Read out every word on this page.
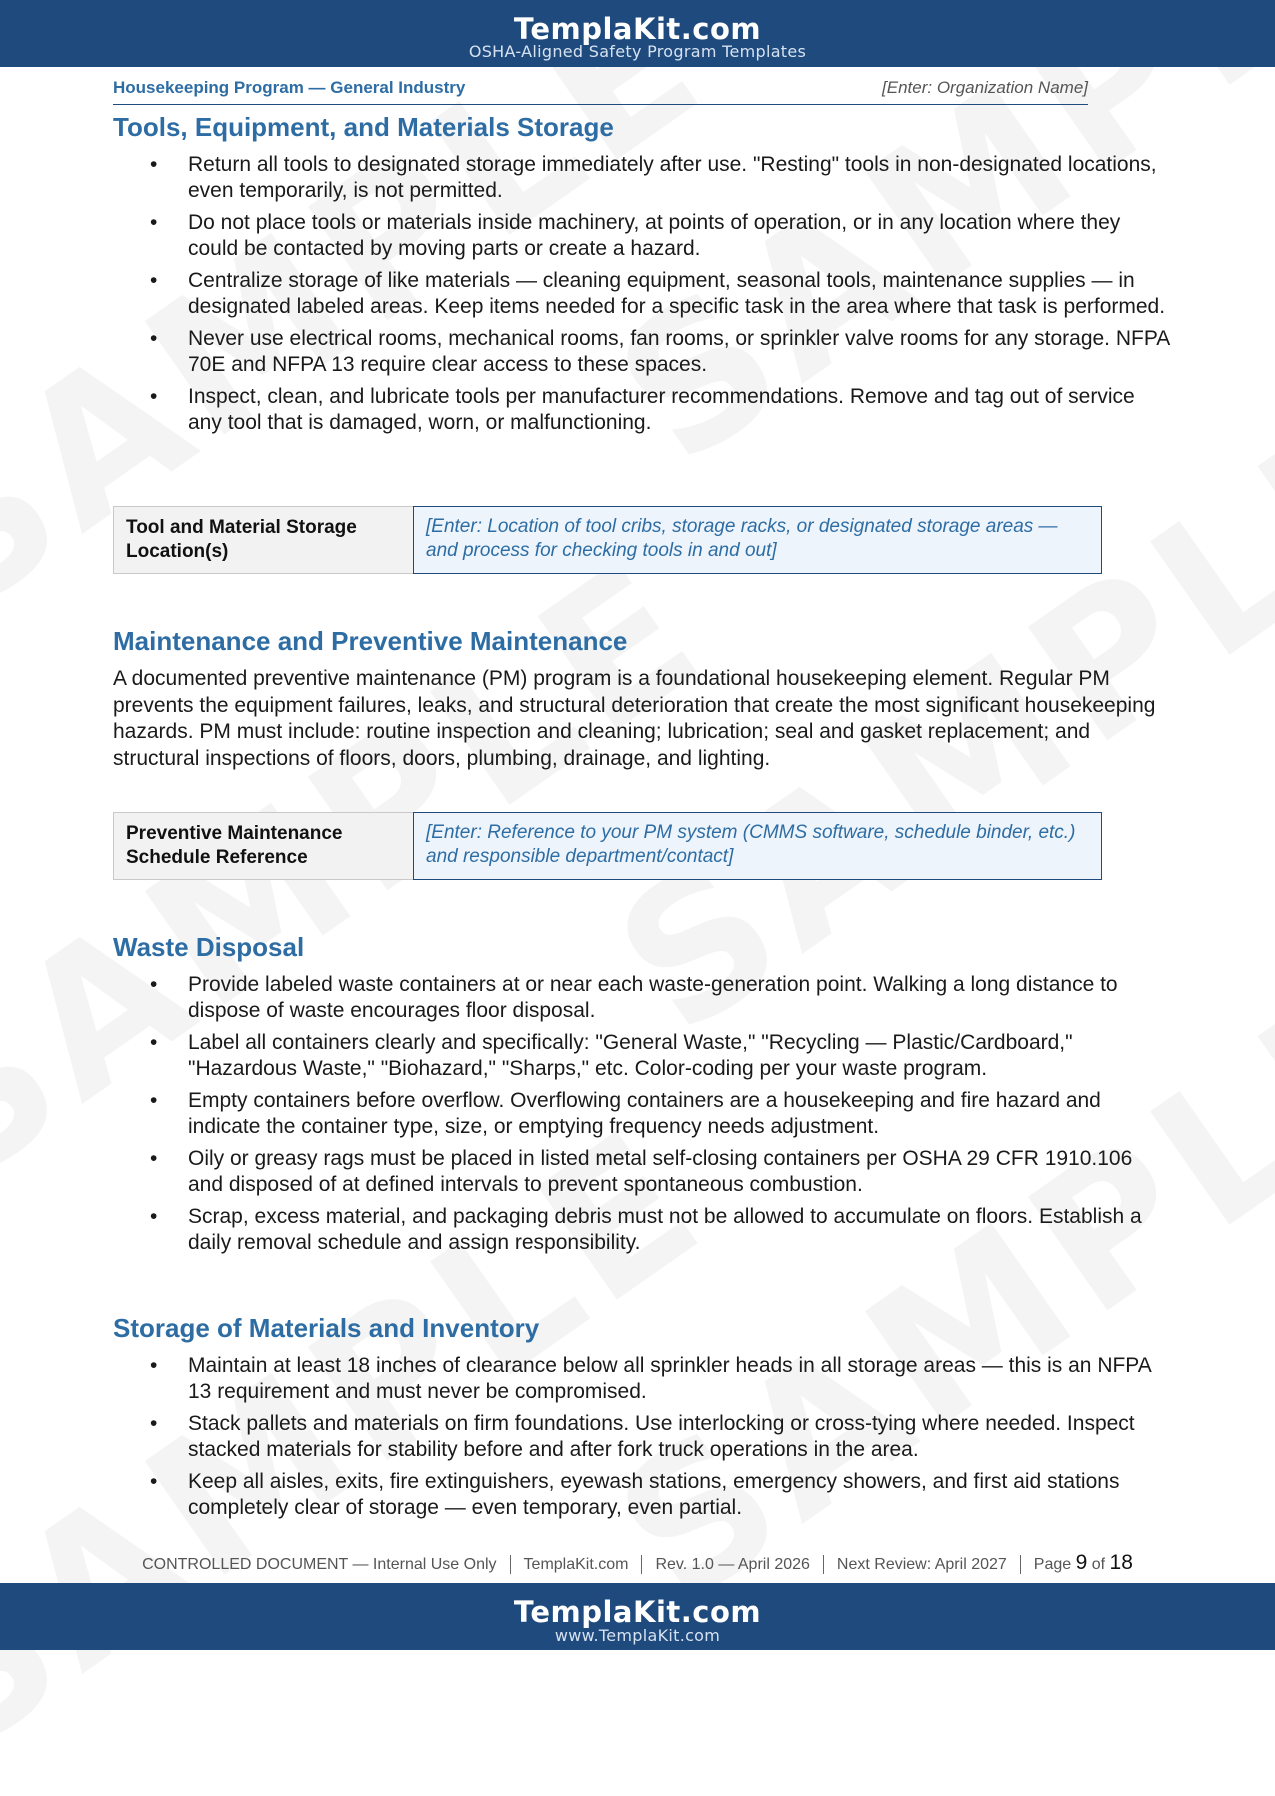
TemplaKit.com
OSHA-Aligned Safety Program Templates
Housekeeping Program — General Industry	[Enter: Organization Name]
Tools, Equipment, and Materials Storage
• Return all tools to designated storage immediately after use. "Resting" tools in non-designated locations, even temporarily, is not permitted.
• Do not place tools or materials inside machinery, at points of operation, or in any location where they could be contacted by moving parts or create a hazard.
• Centralize storage of like materials — cleaning equipment, seasonal tools, maintenance supplies — in designated labeled areas. Keep items needed for a specific task in the area where that task is performed.
• Never use electrical rooms, mechanical rooms, fan rooms, or sprinkler valve rooms for any storage. NFPA 70E and NFPA 13 require clear access to these spaces.
• Inspect, clean, and lubricate tools per manufacturer recommendations. Remove and tag out of service any tool that is damaged, worn, or malfunctioning.
Tool and Material Storage Location(s)
[Enter: Location of tool cribs, storage racks, or designated storage areas — and process for checking tools in and out]
Maintenance and Preventive Maintenance

A documented preventive maintenance (PM) program is a foundational housekeeping element. Regular PM prevents the equipment failures, leaks, and structural deterioration that create the most significant housekeeping hazards. PM must include: routine inspection and cleaning; lubrication; seal and gasket replacement; and structural inspections of floors, doors, plumbing, drainage, and lighting.

Preventive Maintenance Schedule Reference
[Enter: Reference to your PM system (CMMS software, schedule binder, etc.) and responsible department/contact]
Waste Disposal
• Provide labeled waste containers at or near each waste-generation point. Walking a long distance to dispose of waste encourages floor disposal.
• Label all containers clearly and specifically: "General Waste," "Recycling — Plastic/Cardboard," "Hazardous Waste," "Biohazard," "Sharps," etc. Color-coding per your waste program.
• Empty containers before overflow. Overflowing containers are a housekeeping and fire hazard and indicate the container type, size, or emptying frequency needs adjustment.
• Oily or greasy rags must be placed in listed metal self-closing containers per OSHA 29 CFR 1910.106 and disposed of at defined intervals to prevent spontaneous combustion.
• Scrap, excess material, and packaging debris must not be allowed to accumulate on floors. Establish a daily removal schedule and assign responsibility.
Storage of Materials and Inventory
• Maintain at least 18 inches of clearance below all sprinkler heads in all storage areas — this is an NFPA 13 requirement and must never be compromised.
• Stack pallets and materials on firm foundations. Use interlocking or cross-tying where needed. Inspect stacked materials for stability before and after fork truck operations in the area.
• Keep all aisles, exits, fire extinguishers, eyewash stations, emergency showers, and first aid stations completely clear of storage — even temporary, even partial.
CONTROLLED DOCUMENT — Internal Use Only TemplaKit.com Rev. 1.0 — April 2026 Next Review: April 2027 Page 9 of 18
TemplaKit.com
www.TemplaKit.com
